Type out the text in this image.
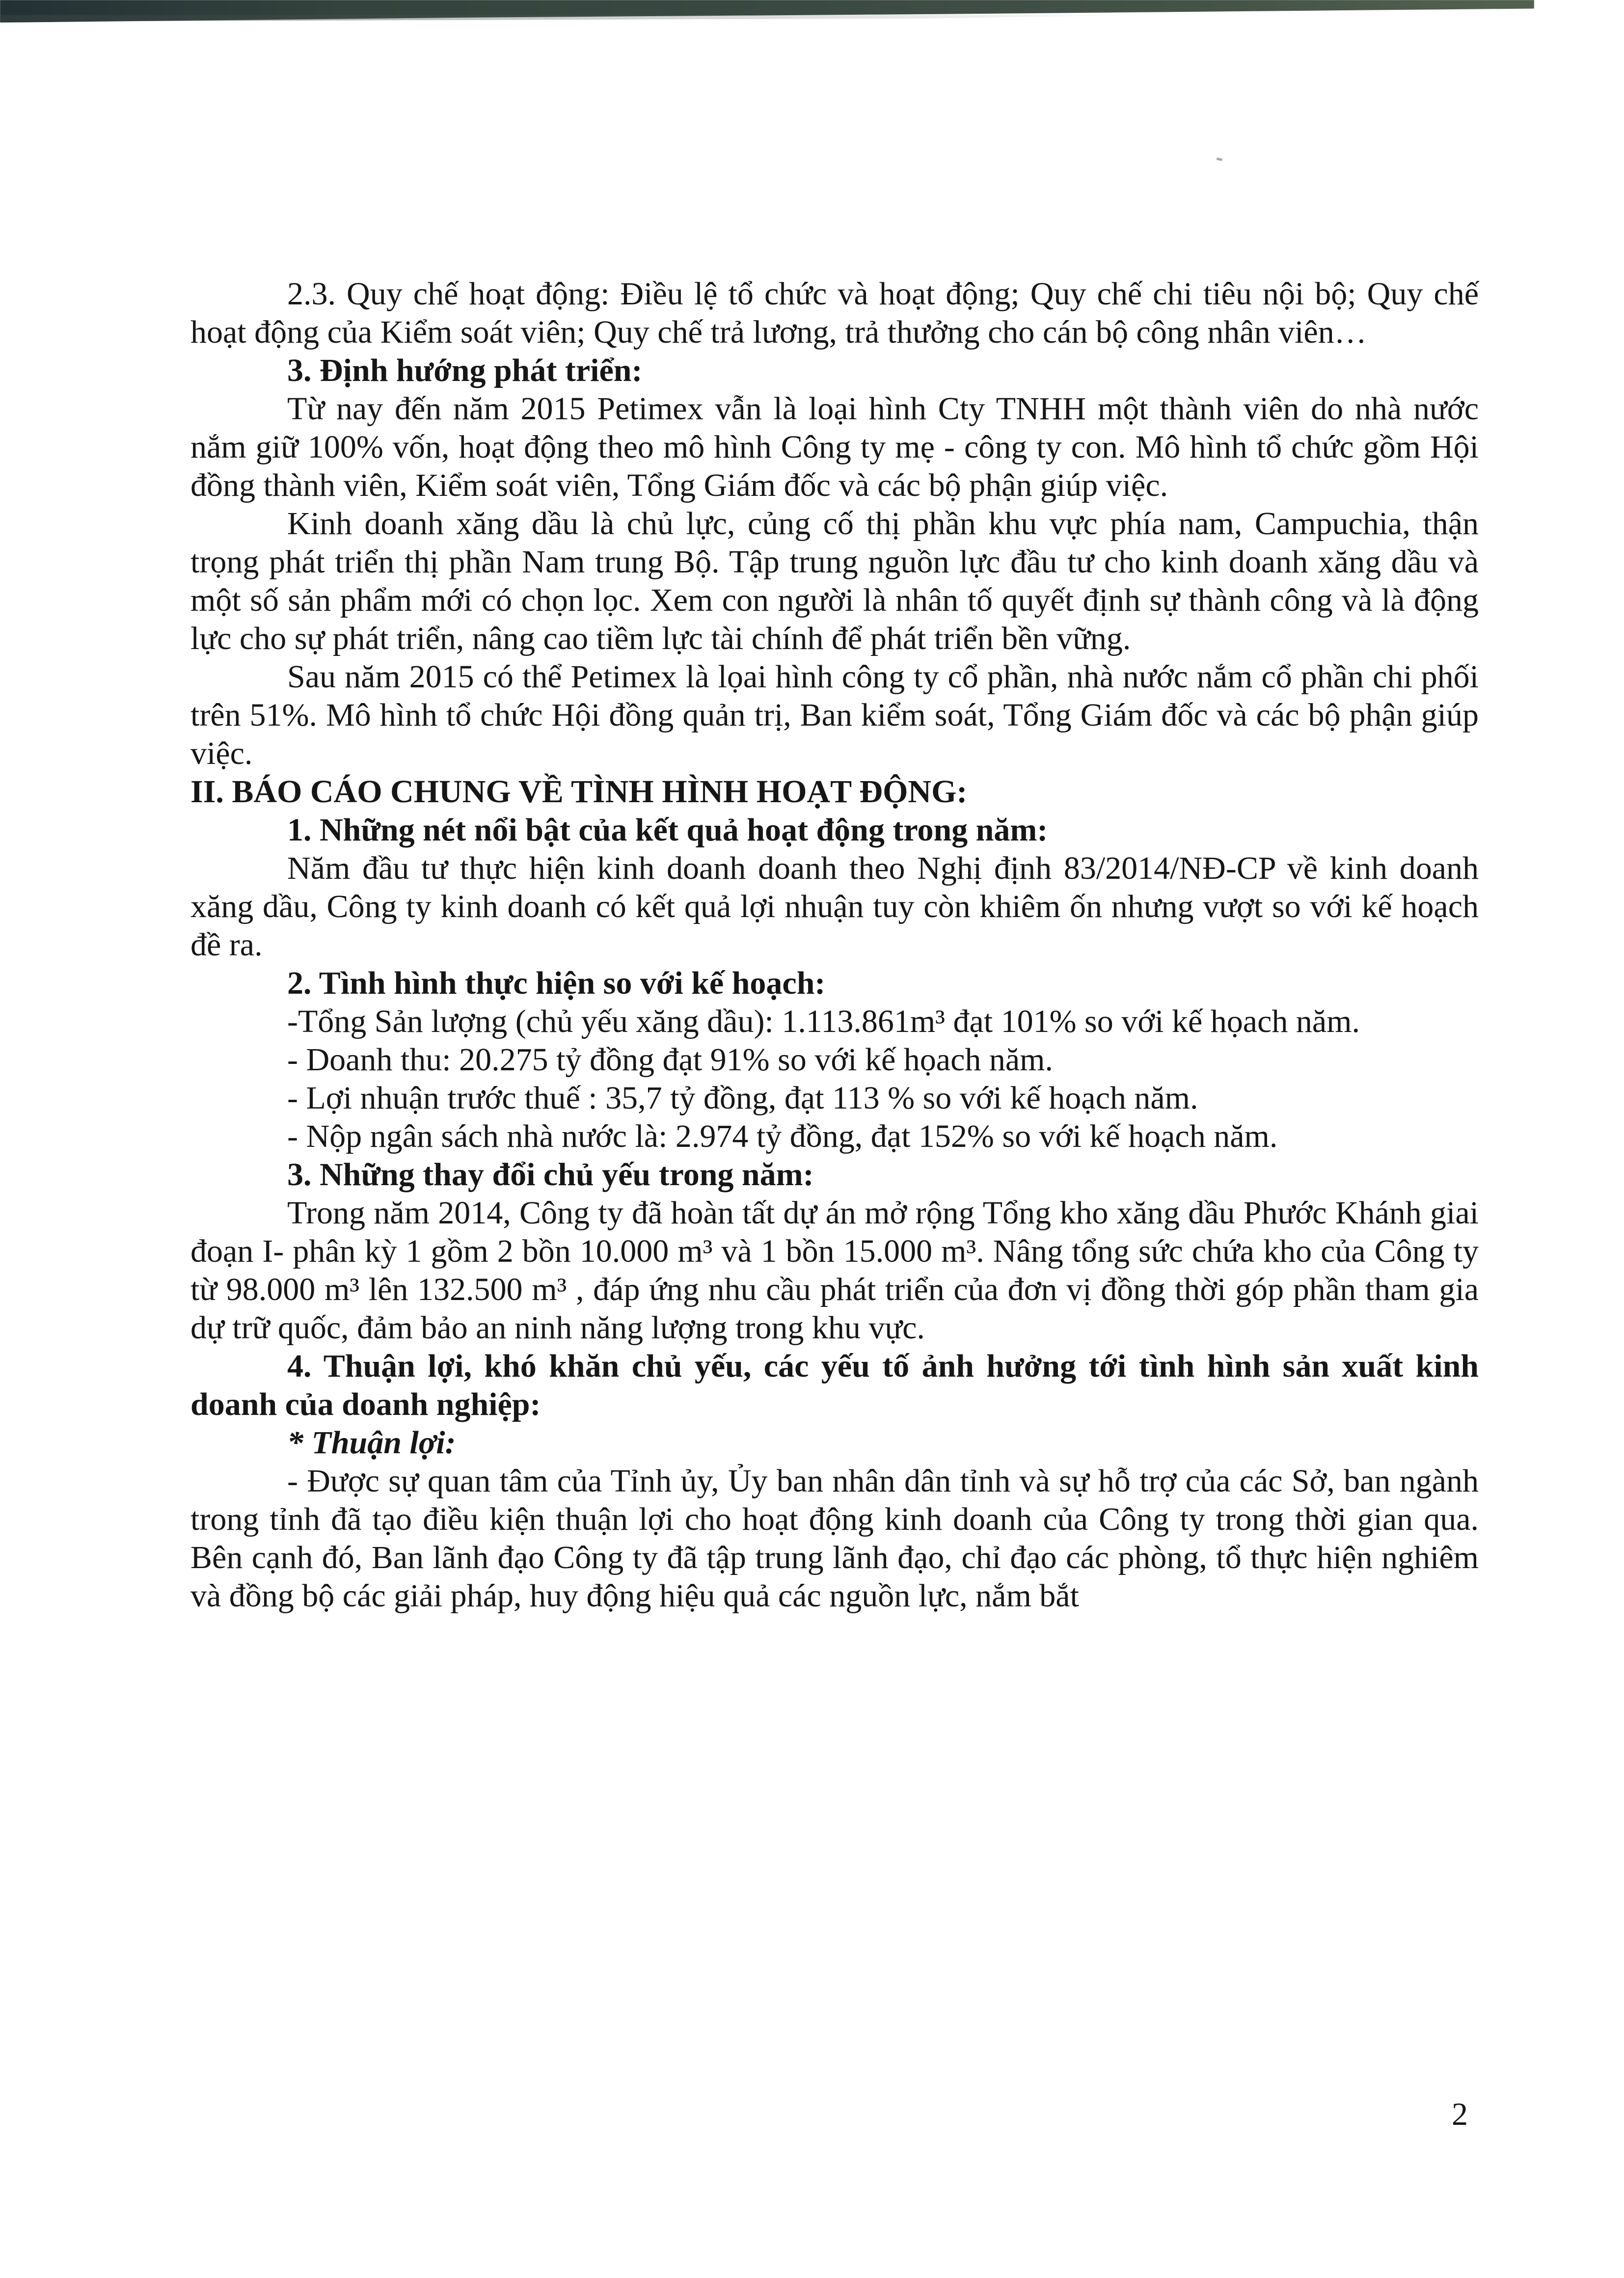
2.3. Quy chế hoạt động: Điều lệ tổ chức và hoạt động; Quy chế chi tiêu nội bộ; Quy chế hoạt động của Kiểm soát viên; Quy chế trả lương, trả thưởng cho cán bộ công nhân viên…

3. Định hướng phát triển:

Từ nay đến năm 2015 Petimex vẫn là loại hình Cty TNHH một thành viên do nhà nước nắm giữ 100% vốn, hoạt động theo mô hình Công ty mẹ - công ty con. Mô hình tổ chức gồm Hội đồng thành viên, Kiểm soát viên, Tổng Giám đốc và các bộ phận giúp việc.

Kinh doanh xăng dầu là chủ lực, củng cố thị phần khu vực phía nam, Campuchia, thận trọng phát triển thị phần Nam trung Bộ. Tập trung nguồn lực đầu tư cho kinh doanh xăng dầu và một số sản phẩm mới có chọn lọc. Xem con người là nhân tố quyết định sự thành công và là động lực cho sự phát triển, nâng cao tiềm lực tài chính để phát triển bền vững.

Sau năm 2015 có thể Petimex là lọai hình công ty cổ phần, nhà nước nắm cổ phần chi phối trên 51%. Mô hình tổ chức Hội đồng quản trị, Ban kiểm soát, Tổng Giám đốc và các bộ phận giúp việc.

II. BÁO CÁO CHUNG VỀ TÌNH HÌNH HOẠT ĐỘNG:

1. Những nét nổi bật của kết quả hoạt động trong năm:

Năm đầu tư thực hiện kinh doanh doanh theo Nghị định 83/2014/NĐ-CP về kinh doanh xăng dầu, Công ty kinh doanh có kết quả lợi nhuận tuy còn khiêm ốn nhưng vượt so với kế hoạch đề ra.

2. Tình hình thực hiện so với kế hoạch:

-Tổng Sản lượng (chủ yếu xăng dầu): 1.113.861m³ đạt 101% so với kế họach năm.

- Doanh thu: 20.275 tỷ đồng đạt 91% so với kế họach năm.

- Lợi nhuận trước thuế : 35,7 tỷ đồng, đạt 113 % so với kế hoạch năm.

- Nộp ngân sách nhà nước là: 2.974 tỷ đồng, đạt 152% so với kế hoạch năm.

3. Những thay đổi chủ yếu trong năm:

Trong năm 2014, Công ty đã hoàn tất dự án mở rộng Tổng kho xăng dầu Phước Khánh giai đoạn I- phân kỳ 1 gồm 2 bồn 10.000 m³ và 1 bồn 15.000 m³. Nâng tổng sức chứa kho của Công ty từ 98.000 m³ lên 132.500 m³ , đáp ứng nhu cầu phát triển của đơn vị đồng thời góp phần tham gia dự trữ quốc, đảm bảo an ninh năng lượng trong khu vực.

4. Thuận lợi, khó khăn chủ yếu, các yếu tố ảnh hưởng tới tình hình sản xuất kinh doanh của doanh nghiệp:

* Thuận lợi:

- Được sự quan tâm của Tỉnh ủy, Ủy ban nhân dân tỉnh và sự hỗ trợ của các Sở, ban ngành trong tỉnh đã tạo điều kiện thuận lợi cho hoạt động kinh doanh của Công ty trong thời gian qua. Bên cạnh đó, Ban lãnh đạo Công ty đã tập trung lãnh đạo, chỉ đạo các phòng, tổ thực hiện nghiêm và đồng bộ các giải pháp, huy động hiệu quả các nguồn lực, nắm bắt

2
